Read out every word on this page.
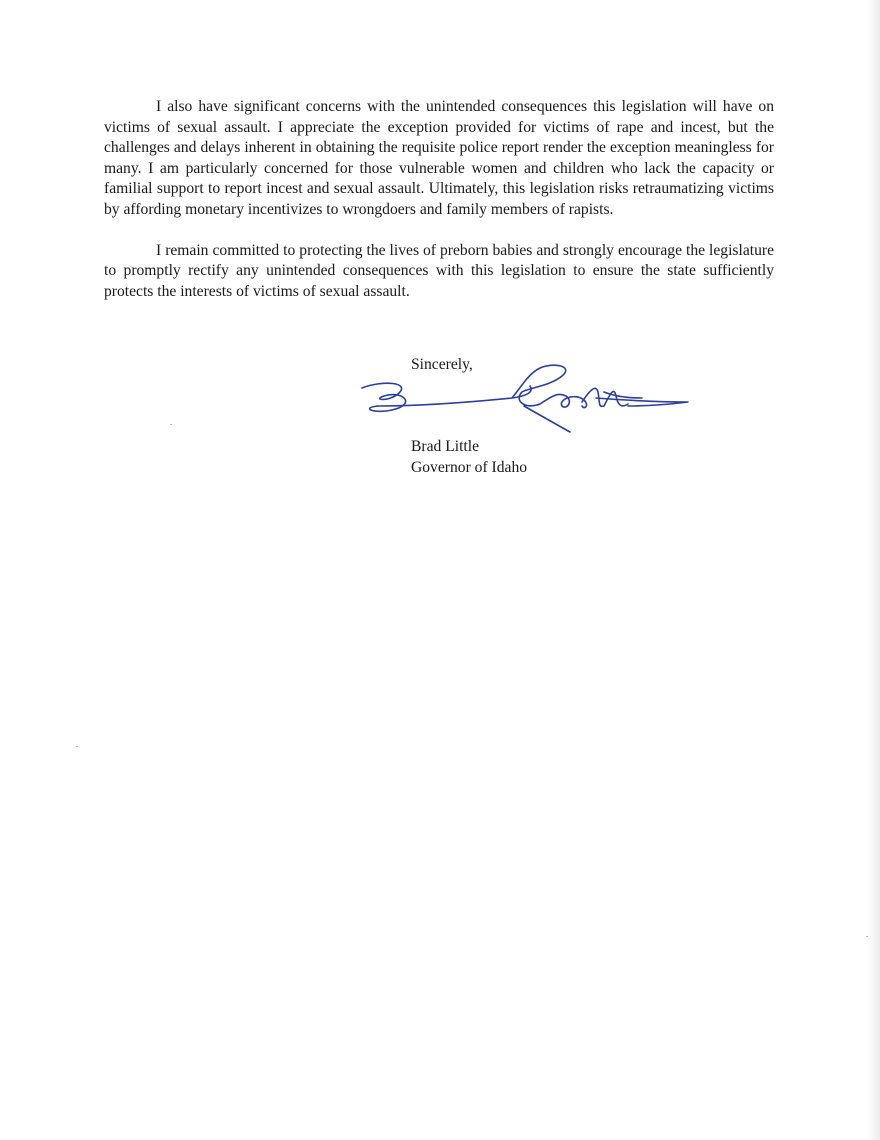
I also have significant concerns with the unintended consequences this legislation will have on victims of sexual assault. I appreciate the exception provided for victims of rape and incest, but the challenges and delays inherent in obtaining the requisite police report render the exception meaningless for many. I am particularly concerned for those vulnerable women and children who lack the capacity or familial support to report incest and sexual assault. Ultimately, this legislation risks retraumatizing victims by affording monetary incentivizes to wrongdoers and family members of rapists.

I remain committed to protecting the lives of preborn babies and strongly encourage the legislature to promptly rectify any unintended consequences with this legislation to ensure the state sufficiently protects the interests of victims of sexual assault.

Sincerely,
Brad Little
Governor of Idaho
